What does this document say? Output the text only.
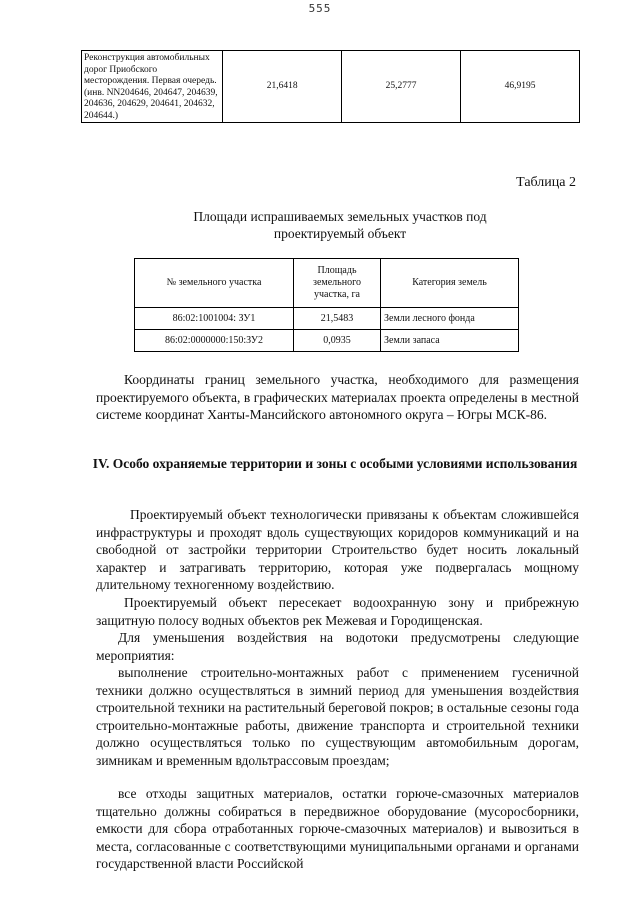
555
Реконструкция автомобильных дорог Приобского месторождения. Первая очередь. (инв. NN204646, 204647, 204639, 204636, 204629, 204641, 204632, 204644.)	21,6418	25,2777	46,9195
Таблица 2
Площади испрашиваемых земельных участков под
проектируемый объект
№ земельного участка	Площадь земельного участка, га	Категория земель
86:02:1001004: ЗУ1	21,5483	Земли лесного фонда
86:02:0000000:150:ЗУ2	0,0935	Земли запаса
Координаты границ земельного участка, необходимого для размещения проектируемого объекта, в графических материалах проекта определены в местной системе координат Ханты-Мансийского автономного округа – Югры МСК-86.
IV. Особо охраняемые территории и зоны с особыми условиями использования
Проектируемый объект технологически привязаны к объектам сложившейся инфраструктуры и проходят вдоль существующих коридоров коммуникаций и на свободной от застройки территории Строительство будет носить локальный характер и затрагивать территорию, которая уже подвергалась мощному длительному техногенному воздействию.
Проектируемый объект пересекает водоохранную зону и прибрежную защитную полосу водных объектов рек Межевая и Городищенская.
Для уменьшения воздействия на водотоки предусмотрены следующие мероприятия:
выполнение строительно-монтажных работ с применением гусеничной техники должно осуществляться в зимний период для уменьшения воздействия строительной техники на растительный береговой покров; в остальные сезоны года строительно-монтажные работы, движение транспорта и строительной техники должно осуществляться только по существующим автомобильным дорогам, зимникам и временным вдольтрассовым проездам;
все отходы защитных материалов, остатки горюче-смазочных материалов тщательно должны собираться в передвижное оборудование (мусоросборники, емкости для сбора отработанных горюче-смазочных материалов) и вывозиться в места, согласованные с соответствующими муниципальными органами и органами государственной власти Российской
